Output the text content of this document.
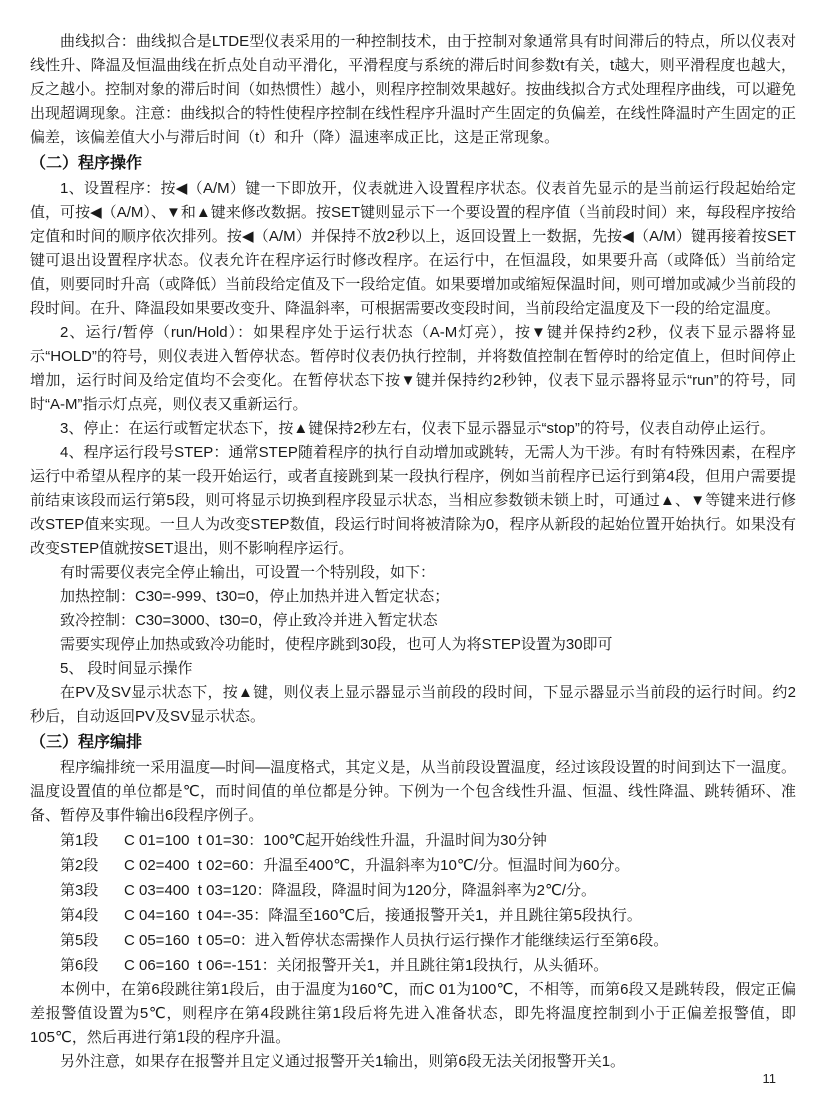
曲线拟合：曲线拟合是LTDE型仪表采用的一种控制技术，由于控制对象通常具有时间滞后的特点，所以仪表对线性升、降温及恒温曲线在折点处自动平滑化，平滑程度与系统的滞后时间参数t有关，t越大，则平滑程度也越大，反之越小。控制对象的滞后时间（如热惯性）越小，则程序控制效果越好。按曲线拟合方式处理程序曲线，可以避免出现超调现象。注意：曲线拟合的特性使程序控制在线性程序升温时产生固定的负偏差，在线性降温时产生固定的正偏差，该偏差值大小与滞后时间（t）和升（降）温速率成正比，这是正常现象。

（二）程序操作

1、设置程序：按◀（A/M）键一下即放开，仪表就进入设置程序状态。仪表首先显示的是当前运行段起始给定值，可按◀（A/M）、▼和▲键来修改数据。按SET键则显示下一个要设置的程序值（当前段时间）来，每段程序按给定值和时间的顺序依次排列。按◀（A/M）并保持不放2秒以上，返回设置上一数据，先按◀（A/M）键再接着按SET键可退出设置程序状态。仪表允许在程序运行时修改程序。在运行中，在恒温段，如果要升高（或降低）当前给定值，则要同时升高（或降低）当前段给定值及下一段给定值。如果要增加或缩短保温时间，则可增加或减少当前段的段时间。在升、降温段如果要改变升、降温斜率，可根据需要改变段时间，当前段给定温度及下一段的给定温度。

2、运行/暂停（run/Hold）：如果程序处于运行状态（A-M灯亮），按▼键并保持约2秒，仪表下显示器将显示“HOLD”的符号，则仪表进入暂停状态。暂停时仪表仍执行控制，并将数值控制在暂停时的给定值上，但时间停止增加，运行时间及给定值均不会变化。在暂停状态下按▼键并保持约2秒钟，仪表下显示器将显示“run”的符号，同时“A-M”指示灯点亮，则仪表又重新运行。

3、停止：在运行或暂定状态下，按▲键保持2秒左右，仪表下显示器显示“stop”的符号，仪表自动停止运行。

4、程序运行段号STEP：通常STEP随着程序的执行自动增加或跳转，无需人为干涉。有时有特殊因素，在程序运行中希望从程序的某一段开始运行，或者直接跳到某一段执行程序，例如当前程序已运行到第4段，但用户需要提前结束该段而运行第5段，则可将显示切换到程序段显示状态，当相应参数锁未锁上时，可通过▲、▼等键来进行修改STEP值来实现。一旦人为改变STEP数值，段运行时间将被清除为0，程序从新段的起始位置开始执行。如果没有改变STEP值就按SET退出，则不影响程序运行。

有时需要仪表完全停止输出，可设置一个特别段，如下：

加热控制：C30=-999、t30=0，停止加热并进入暂定状态；

致冷控制：C30=3000、t30=0，停止致冷并进入暂定状态

需要实现停止加热或致冷功能时，使程序跳到30段，也可人为将STEP设置为30即可

5、 段时间显示操作

在PV及SV显示状态下，按▲键，则仪表上显示器显示当前段的段时间，下显示器显示当前段的运行时间。约2秒后，自动返回PV及SV显示状态。

（三）程序编排

程序编排统一采用温度—时间—温度格式，其定义是，从当前段设置温度，经过该段设置的时间到达下一温度。温度设置值的单位都是℃，而时间值的单位都是分钟。下例为一个包含线性升温、恒温、线性降温、跳转循环、准备、暂停及事件输出6段程序例子。

第1段	C 01=100  t 01=30：100℃起开始线性升温，升温时间为30分钟
第2段	C 02=400  t 02=60：升温至400℃，升温斜率为10℃/分。恒温时间为60分。
第3段	C 03=400  t 03=120：降温段，降温时间为120分，降温斜率为2℃/分。
第4段	C 04=160  t 04=-35：降温至160℃后，接通报警开关1，并且跳往第5段执行。
第5段	C 05=160  t 05=0：进入暂停状态需操作人员执行运行操作才能继续运行至第6段。
第6段	C 06=160  t 06=-151：关闭报警开关1，并且跳往第1段执行，从头循环。

本例中，在第6段跳往第1段后，由于温度为160℃，而C 01为100℃，不相等，而第6段又是跳转段，假定正偏差报警值设置为5℃，则程序在第4段跳往第1段后将先进入准备状态，即先将温度控制到小于正偏差报警值，即105℃，然后再进行第1段的程序升温。

另外注意，如果存在报警并且定义通过报警开关1输出，则第6段无法关闭报警开关1。

11
